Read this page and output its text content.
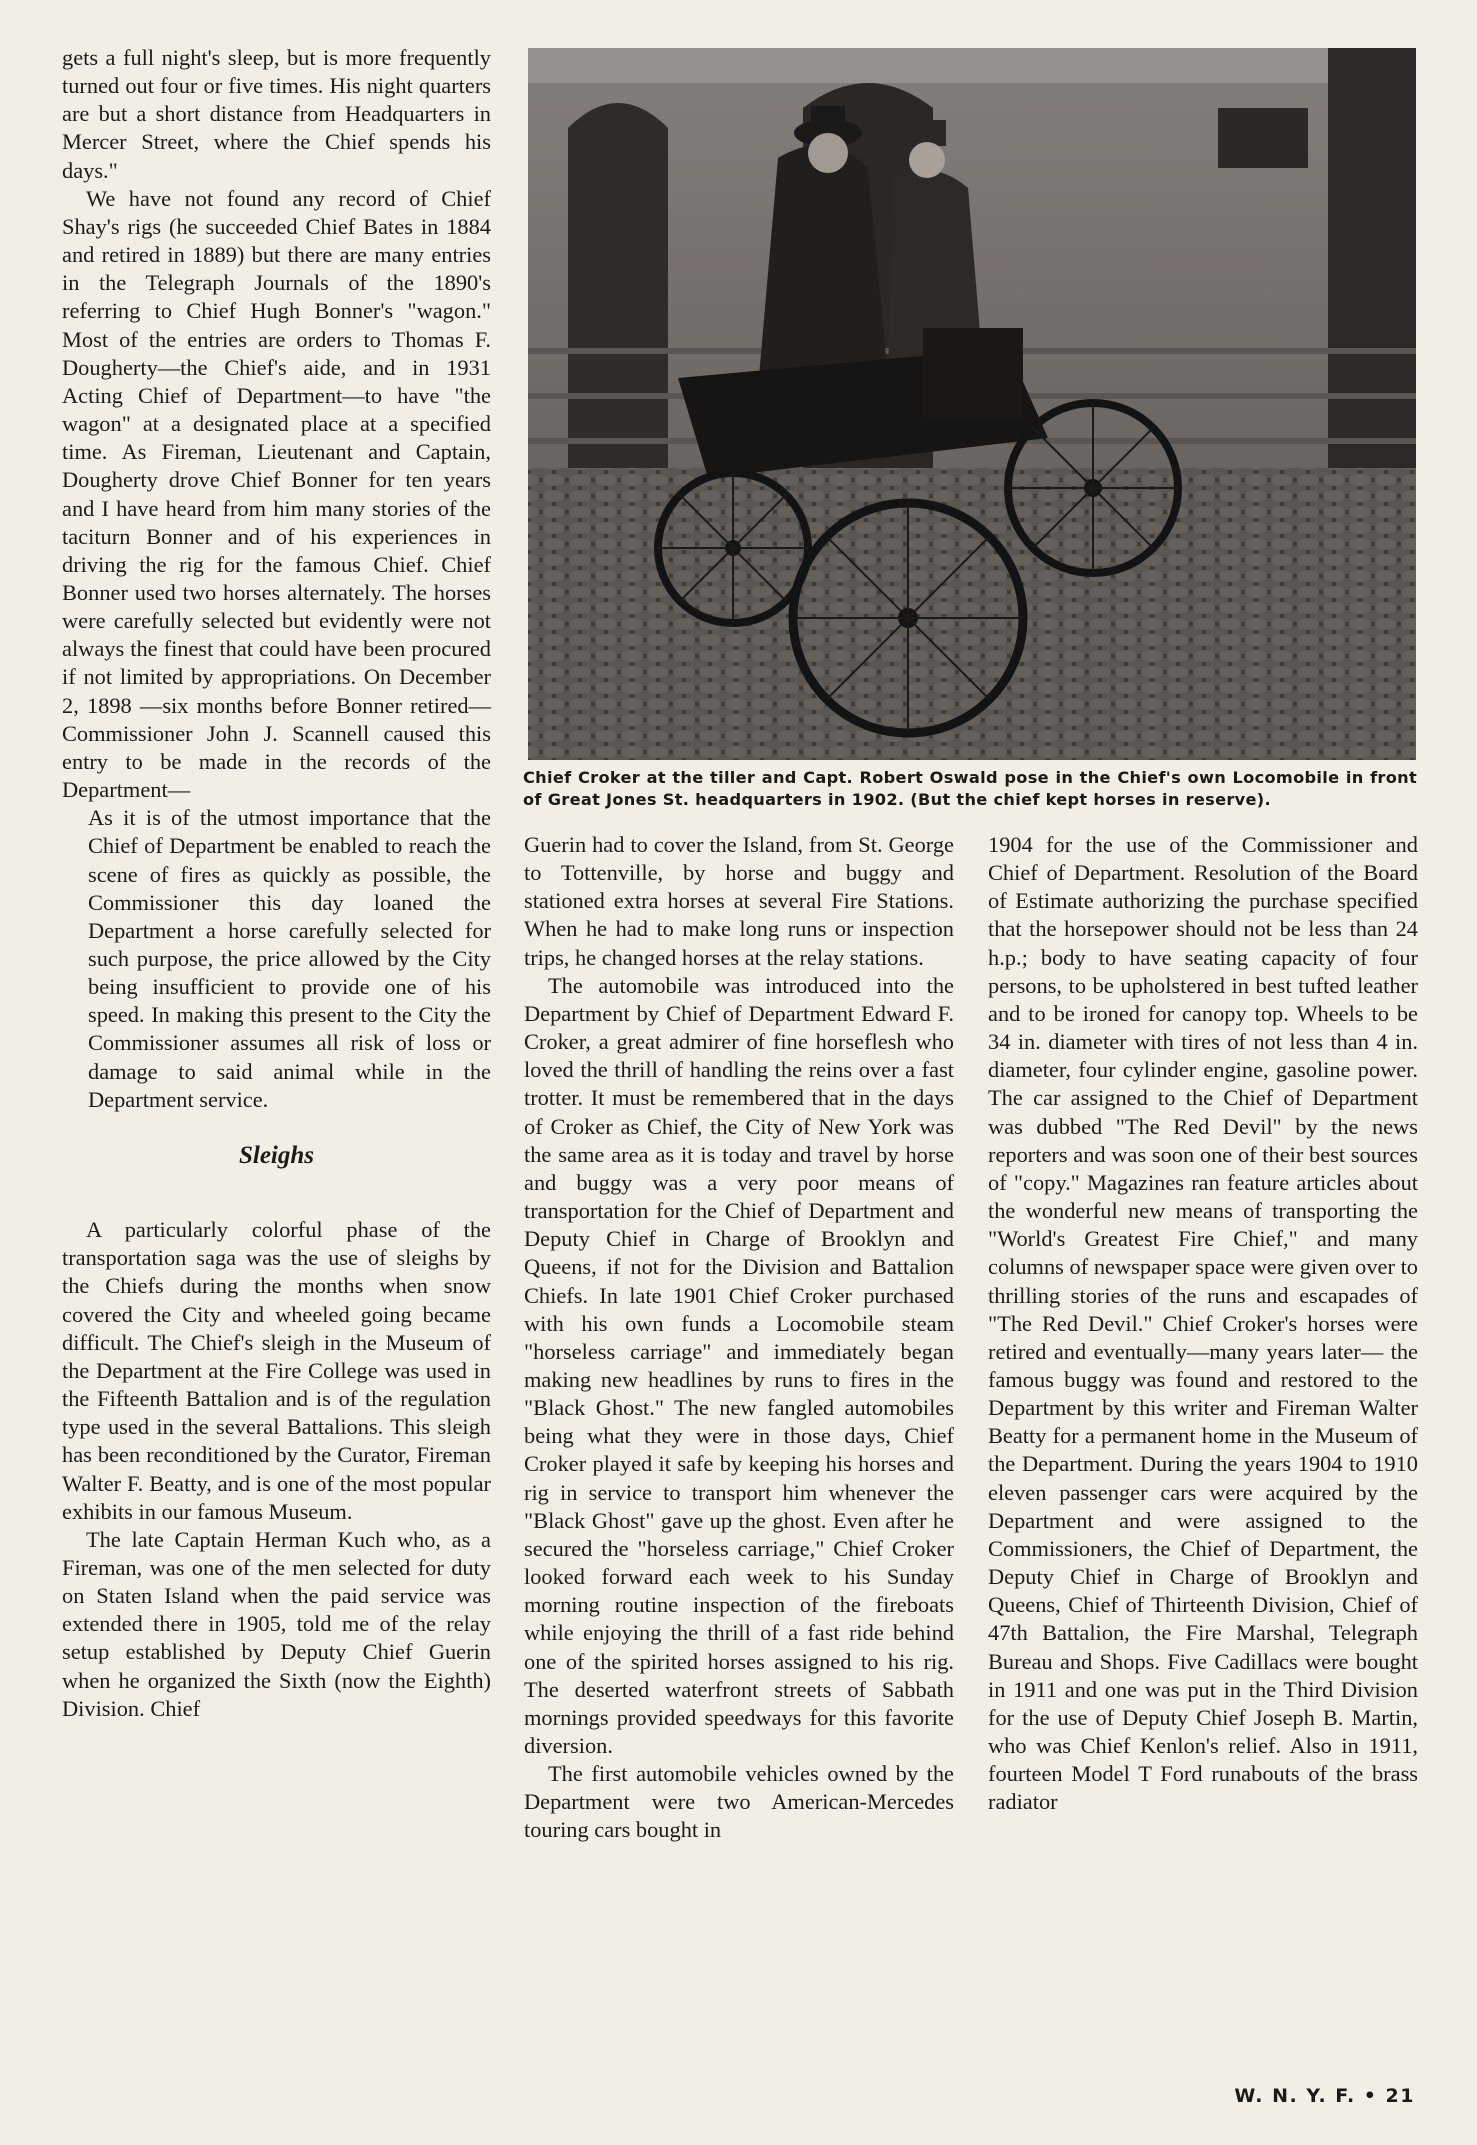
gets a full night's sleep, but is more frequently turned out four or five times. His night quarters are but a short distance from Headquarters in Mercer Street, where the Chief spends his days."

We have not found any record of Chief Shay's rigs (he succeeded Chief Bates in 1884 and retired in 1889) but there are many entries in the Telegraph Journals of the 1890's referring to Chief Hugh Bonner's "wagon." Most of the entries are orders to Thomas F. Dougherty—the Chief's aide, and in 1931 Acting Chief of Department—to have "the wagon" at a designated place at a specified time. As Fireman, Lieutenant and Captain, Dougherty drove Chief Bonner for ten years and I have heard from him many stories of the taciturn Bonner and of his experiences in driving the rig for the famous Chief. Chief Bonner used two horses alternately. The horses were carefully selected but evidently were not always the finest that could have been procured if not limited by appropriations. On December 2, 1898 —six months before Bonner retired— Commissioner John J. Scannell caused this entry to be made in the records of the Department—

As it is of the utmost importance that the Chief of Department be enabled to reach the scene of fires as quickly as possible, the Commissioner this day loaned the Department a horse carefully selected for such purpose, the price allowed by the City being insufficient to provide one of his speed. In making this present to the City the Commissioner assumes all risk of loss or damage to said animal while in the Department service.

Sleighs

A particularly colorful phase of the transportation saga was the use of sleighs by the Chiefs during the months when snow covered the City and wheeled going became difficult. The Chief's sleigh in the Museum of the Department at the Fire College was used in the Fifteenth Battalion and is of the regulation type used in the several Battalions. This sleigh has been reconditioned by the Curator, Fireman Walter F. Beatty, and is one of the most popular exhibits in our famous Museum.

The late Captain Herman Kuch who, as a Fireman, was one of the men selected for duty on Staten Island when the paid service was extended there in 1905, told me of the relay setup established by Deputy Chief Guerin when he organized the Sixth (now the Eighth) Division. Chief

Chief Croker at the tiller and Capt. Robert Oswald pose in the Chief's own Locomobile in front of Great Jones St. headquarters in 1902. (But the chief kept horses in reserve).

Guerin had to cover the Island, from St. George to Tottenville, by horse and buggy and stationed extra horses at several Fire Stations. When he had to make long runs or inspection trips, he changed horses at the relay stations.

The automobile was introduced into the Department by Chief of Department Edward F. Croker, a great admirer of fine horseflesh who loved the thrill of handling the reins over a fast trotter. It must be remembered that in the days of Croker as Chief, the City of New York was the same area as it is today and travel by horse and buggy was a very poor means of transportation for the Chief of Department and Deputy Chief in Charge of Brooklyn and Queens, if not for the Division and Battalion Chiefs. In late 1901 Chief Croker purchased with his own funds a Locomobile steam "horseless carriage" and immediately began making new headlines by runs to fires in the "Black Ghost." The new fangled automobiles being what they were in those days, Chief Croker played it safe by keeping his horses and rig in service to transport him whenever the "Black Ghost" gave up the ghost. Even after he secured the "horseless carriage," Chief Croker looked forward each week to his Sunday morning routine inspection of the fireboats while enjoying the thrill of a fast ride behind one of the spirited horses assigned to his rig. The deserted waterfront streets of Sabbath mornings provided speedways for this favorite diversion.

The first automobile vehicles owned by the Department were two American-Mercedes touring cars bought in

1904 for the use of the Commissioner and Chief of Department. Resolution of the Board of Estimate authorizing the purchase specified that the horsepower should not be less than 24 h.p.; body to have seating capacity of four persons, to be upholstered in best tufted leather and to be ironed for canopy top. Wheels to be 34 in. diameter with tires of not less than 4 in. diameter, four cylinder engine, gasoline power. The car assigned to the Chief of Department was dubbed "The Red Devil" by the news reporters and was soon one of their best sources of "copy." Magazines ran feature articles about the wonderful new means of transporting the "World's Greatest Fire Chief," and many columns of newspaper space were given over to thrilling stories of the runs and escapades of "The Red Devil." Chief Croker's horses were retired and eventually—many years later— the famous buggy was found and restored to the Department by this writer and Fireman Walter Beatty for a permanent home in the Museum of the Department. During the years 1904 to 1910 eleven passenger cars were acquired by the Department and were assigned to the Commissioners, the Chief of Department, the Deputy Chief in Charge of Brooklyn and Queens, Chief of Thirteenth Division, Chief of 47th Battalion, the Fire Marshal, Telegraph Bureau and Shops. Five Cadillacs were bought in 1911 and one was put in the Third Division for the use of Deputy Chief Joseph B. Martin, who was Chief Kenlon's relief. Also in 1911, fourteen Model T Ford runabouts of the brass radiator

W. N. Y. F. • 21
